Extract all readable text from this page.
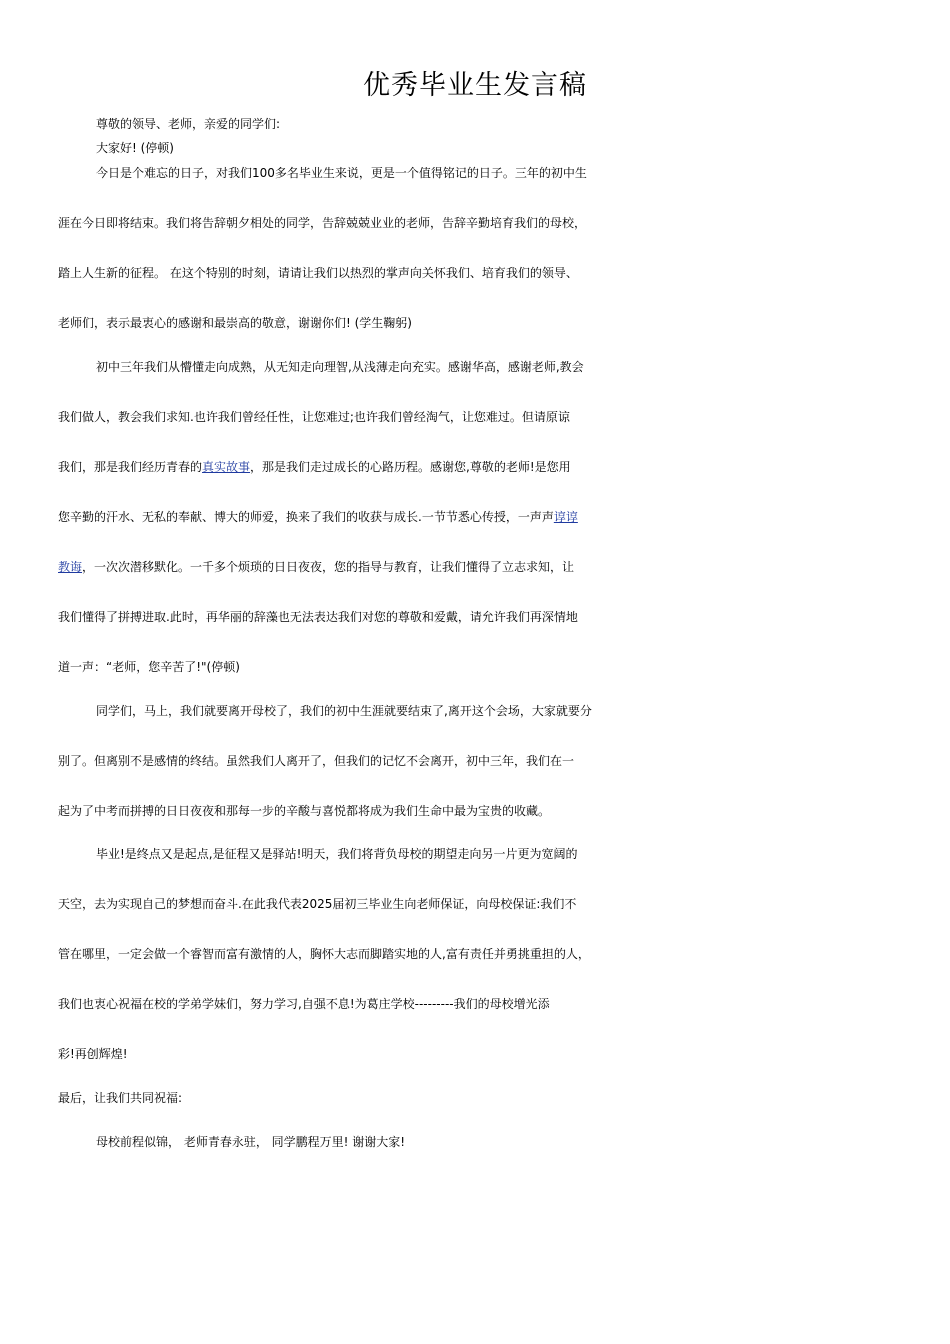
优秀毕业生发言稿
尊敬的领导、老师，亲爱的同学们:
大家好! (停顿)
今日是个难忘的日子，对我们100多名毕业生来说，更是一个值得铭记的日子。三年的初中生
涯在今日即将结束。我们将告辞朝夕相处的同学，告辞兢兢业业的老师，告辞辛勤培育我们的母校，
踏上人生新的征程。 在这个特别的时刻，请请让我们以热烈的掌声向关怀我们、培育我们的领导、
老师们，表示最衷心的感谢和最崇高的敬意，谢谢你们! (学生鞠躬)
初中三年我们从懵懂走向成熟，从无知走向理智,从浅薄走向充实。感谢华高，感谢老师,教会
我们做人，教会我们求知.也许我们曾经任性，让您难过;也许我们曾经淘气，让您难过。但请原谅
我们，那是我们经历青春的真实故事，那是我们走过成长的心路历程。感谢您,尊敬的老师!是您用
您辛勤的汗水、无私的奉献、博大的师爱，换来了我们的收获与成长.一节节悉心传授，一声声谆谆
教诲，一次次潜移默化。一千多个烦琐的日日夜夜，您的指导与教育，让我们懂得了立志求知，让
我们懂得了拼搏进取.此时，再华丽的辞藻也无法表达我们对您的尊敬和爱戴，请允许我们再深情地
道一声：“老师，您辛苦了!"(停顿)
同学们，马上，我们就要离开母校了，我们的初中生涯就要结束了,离开这个会场，大家就要分
别了。但离别不是感情的终结。虽然我们人离开了，但我们的记忆不会离开，初中三年，我们在一
起为了中考而拼搏的日日夜夜和那每一步的辛酸与喜悦都将成为我们生命中最为宝贵的收藏。
毕业!是终点又是起点,是征程又是驿站!明天，我们将背负母校的期望走向另一片更为宽阔的
天空，去为实现自己的梦想而奋斗.在此我代表2025届初三毕业生向老师保证，向母校保证:我们不
管在哪里，一定会做一个睿智而富有激情的人，胸怀大志而脚踏实地的人,富有责任并勇挑重担的人，
我们也衷心祝福在校的学弟学妹们，努力学习,自强不息!为葛庄学校---------我们的母校增光添
彩!再创辉煌!
最后，让我们共同祝福:
母校前程似锦， 老师青春永驻， 同学鹏程万里! 谢谢大家!
